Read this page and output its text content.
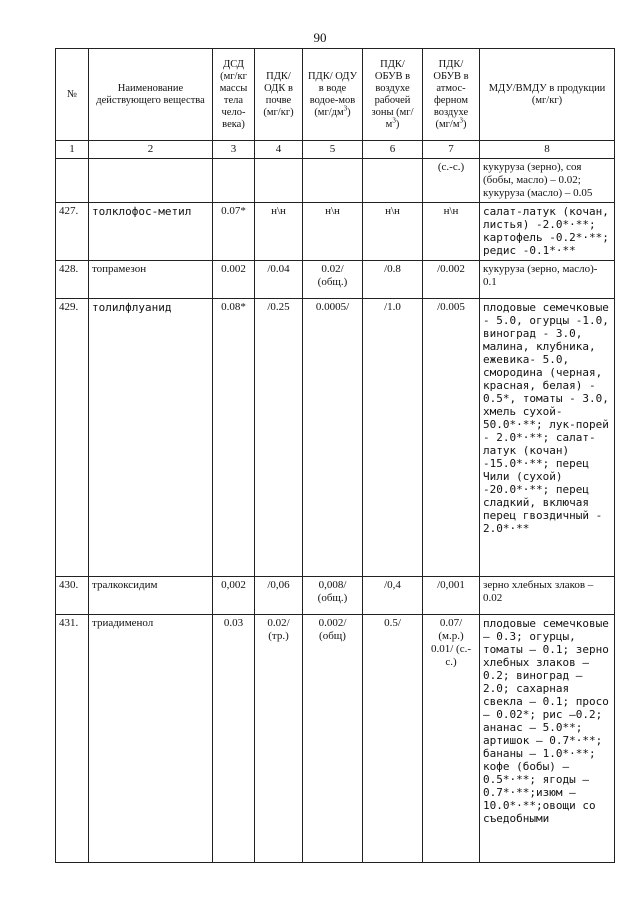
90
№	Наименование действующего вещества	ДСД (мг/кг массы тела чело-века)	ПДК/ ОДК в почве (мг/кг)	ПДК/ ОДУ в воде водое-мов $(мг/дм^3)$	ПДК/ ОБУВ в воздухе рабочей зоны $(мг/м^3)$	ПДК/ ОБУВ в атмос-ферном воздухе $(мг/м^3)$	МДУ/ВМДУ в продукции (мг/кг)
1	2	3	4	5	6	7	8
						(с.-с.)	кукуруза (зерно), соя (бобы, масло) – 0.02; кукуруза (масло) – 0.05
427.	толклофос-метил	0.07*	н\н	н\н	н\н	н\н	салат-латук (кочан, листья) -2.0*·**; картофель -0.2*·**; редис -0.1*·**
428.	топрамезон	0.002	/0.04	0.02/ (общ.)	/0.8	/0.002	кукуруза (зерно, масло)- 0.1
429.	толилфлуанид	0.08*	/0.25	0.0005/	/1.0	/0.005	плодовые семечковые - 5.0, огурцы -1.0, виноград - 3.0, малина, клубника, ежевика- 5.0, смородина (черная, красная, белая) - 0.5*, томаты - 3.0, хмель сухой- 50.0*·**; лук-порей - 2.0*·**; салат-латук (кочан) -15.0*·**; перец Чили (сухой) -20.0*·**; перец сладкий, включая перец гвоздичный - 2.0*·**
430.	тралкоксидим	0,002	/0,06	0,008/ (общ.)	/0,4	/0,001	зерно хлебных злаков – 0.02
431.	триадименол	0.03	0.02/ (тр.)	0.002/ (общ)	0.5/	0.07/ (м.р.) 0.01/ (с.-с.)	плодовые семечковые – 0.3; огурцы, томаты – 0.1; зерно хлебных злаков – 0.2; виноград – 2.0; сахарная свекла – 0.1; просо – 0.02*; рис –0.2; ананас – 5.0**; артишок – 0.7*·**; бананы – 1.0*·**; кофе (бобы) – 0.5*·**; ягоды – 0.7*·**;изюм – 10.0*·**;овощи со съедобными
